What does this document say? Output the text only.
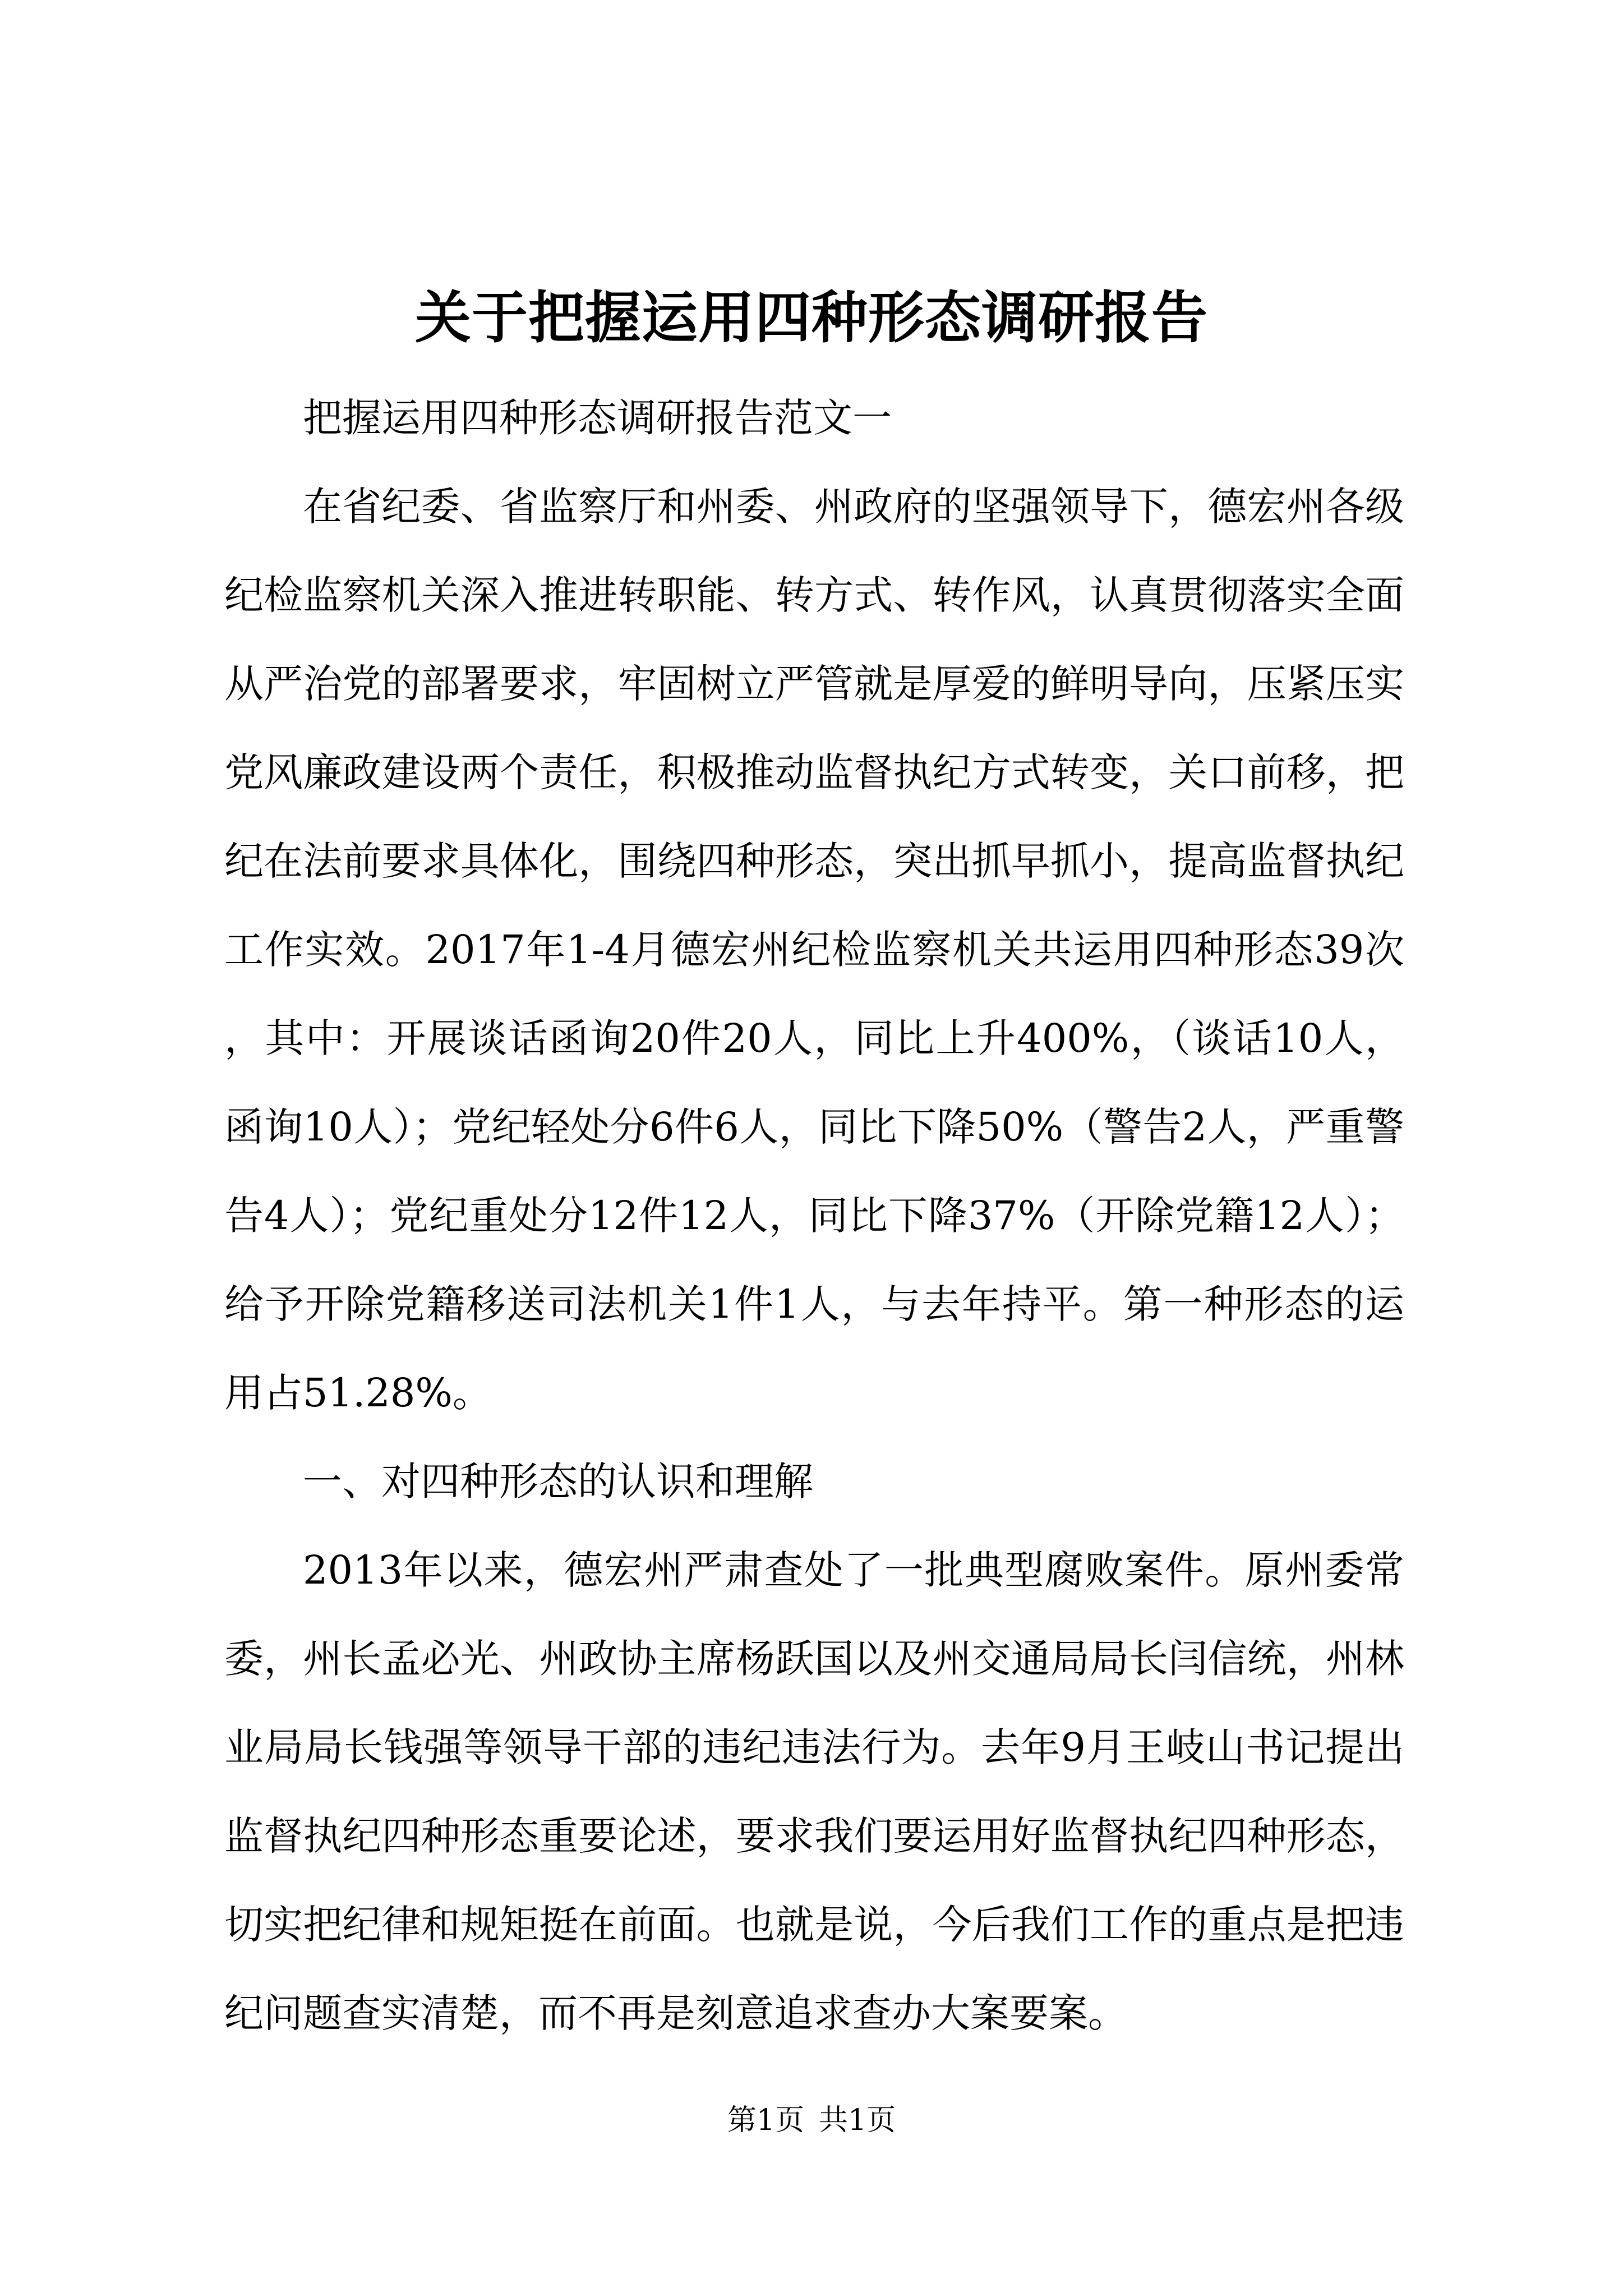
关于把握运用四种形态调研报告

把握运用四种形态调研报告范文一

在省纪委、省监察厅和州委、州政府的坚强领导下，德宏州各级纪检监察机关深入推进转职能、转方式、转作风，认真贯彻落实全面从严治党的部署要求，牢固树立严管就是厚爱的鲜明导向，压紧压实党风廉政建设两个责任，积极推动监督执纪方式转变，关口前移，把纪在法前要求具体化，围绕四种形态，突出抓早抓小，提高监督执纪工作实效。2017年1-4月德宏州纪检监察机关共运用四种形态39次，其中：开展谈话函询20件20人，同比上升400%，（谈话10人，函询10人）；党纪轻处分6件6人，同比下降50%（警告2人，严重警告4人）；党纪重处分12件12人，同比下降37%（开除党籍12人）；给予开除党籍移送司法机关1件1人，与去年持平。第一种形态的运用占51.28%。

一、对四种形态的认识和理解

2013年以来，德宏州严肃查处了一批典型腐败案件。原州委常委，州长孟必光、州政协主席杨跃国以及州交通局局长闫信统，州林业局局长钱强等领导干部的违纪违法行为。去年9月王岐山书记提出监督执纪四种形态重要论述，要求我们要运用好监督执纪四种形态，切实把纪律和规矩挺在前面。也就是说，今后我们工作的重点是把违纪问题查实清楚，而不再是刻意追求查办大案要案。

第1页 共1页
